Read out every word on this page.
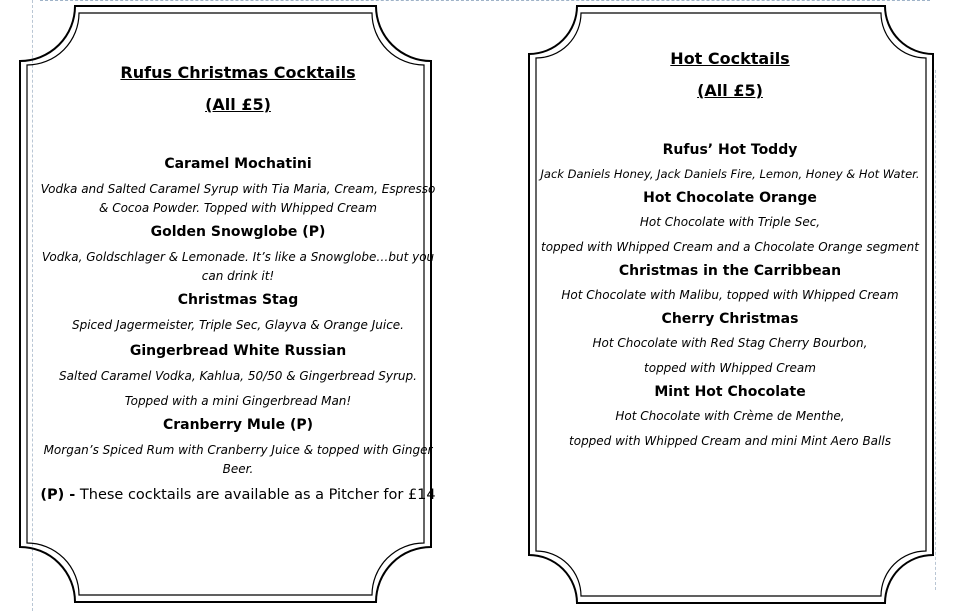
Rufus Christmas Cocktails

(All £5)

Caramel Mochatini

Vodka and Salted Caramel Syrup with Tia Maria, Cream, Espresso

& Cocoa Powder. Topped with Whipped Cream

Golden Snowglobe (P)

Vodka, Goldschlager & Lemonade. It’s like a Snowglobe…but you

can drink it!

Christmas Stag

Spiced Jagermeister, Triple Sec, Glayva & Orange Juice.

Gingerbread White Russian

Salted Caramel Vodka, Kahlua, 50/50 & Gingerbread Syrup.

Topped with a mini Gingerbread Man!

Cranberry Mule (P)

Morgan’s Spiced Rum with Cranberry Juice & topped with Ginger

Beer.

(P) - These cocktails are available as a Pitcher for £14

Hot Cocktails

(All £5)

Rufus’ Hot Toddy

Jack Daniels Honey, Jack Daniels Fire, Lemon, Honey & Hot Water.

Hot Chocolate Orange

Hot Chocolate with Triple Sec,

topped with Whipped Cream and a Chocolate Orange segment

Christmas in the Carribbean

Hot Chocolate with Malibu, topped with Whipped Cream

Cherry Christmas

Hot Chocolate with Red Stag Cherry Bourbon,

topped with Whipped Cream

Mint Hot Chocolate

Hot Chocolate with Crème de Menthe,

topped with Whipped Cream and mini Mint Aero Balls
